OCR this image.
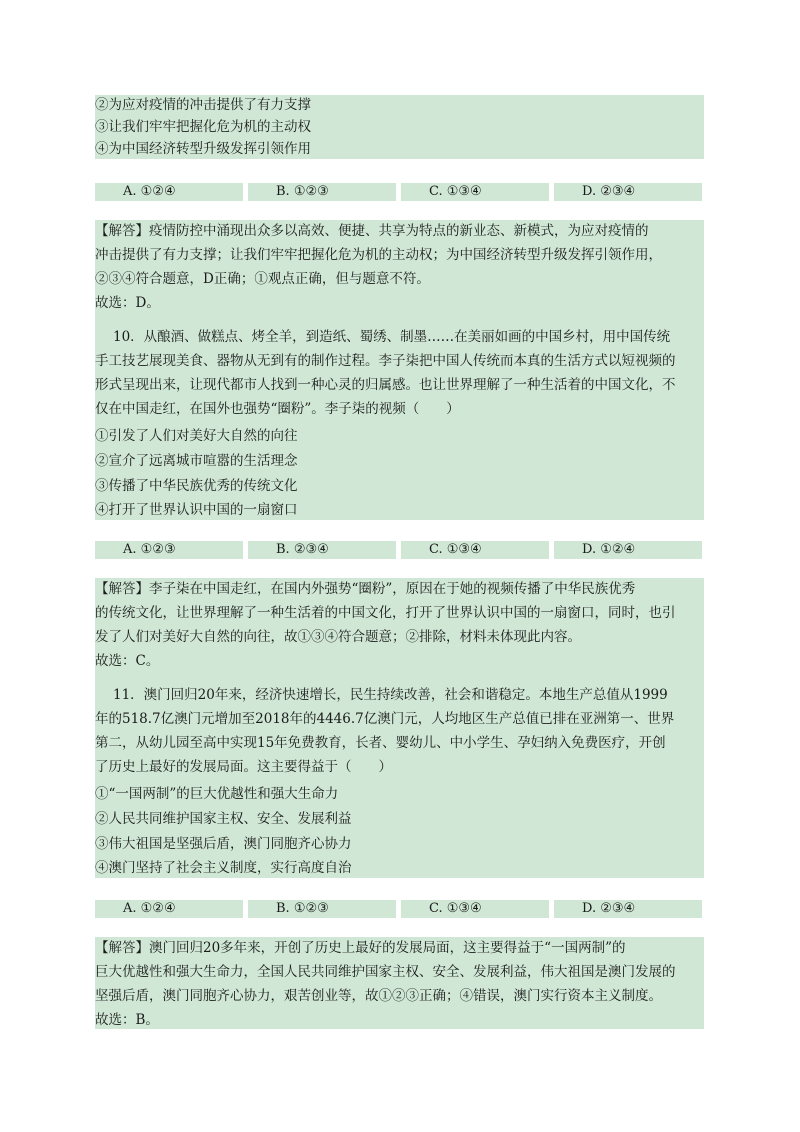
②为应对疫情的冲击提供了有力支撑
③让我们牢牢把握化危为机的主动权
④为中国经济转型升级发挥引领作用
A. ①②④	B. ①②③	C. ①③④	D. ②③④
【解答】疫情防控中涌现出众多以高效、便捷、共享为特点的新业态、新模式，为应对疫情的
冲击提供了有力支撑；让我们牢牢把握化危为机的主动权；为中国经济转型升级发挥引领作用，
②③④符合题意，D正确；①观点正确，但与题意不符。
故选：D。
10．从酿酒、做糕点、烤全羊，到造纸、蜀绣、制墨……在美丽如画的中国乡村，用中国传统
手工技艺展现美食、器物从无到有的制作过程。李子柒把中国人传统而本真的生活方式以短视频的
形式呈现出来，让现代都市人找到一种心灵的归属感。也让世界理解了一种生活着的中国文化，不
仅在中国走红，在国外也强势“圈粉”。李子柒的视频（　　）
①引发了人们对美好大自然的向往
②宣介了远离城市喧嚣的生活理念
③传播了中华民族优秀的传统文化
④打开了世界认识中国的一扇窗口
A. ①②③	B. ②③④	C. ①③④	D. ①②④
【解答】李子柒在中国走红，在国内外强势“圈粉”，原因在于她的视频传播了中华民族优秀
的传统文化，让世界理解了一种生活着的中国文化，打开了世界认识中国的一扇窗口，同时，也引
发了人们对美好大自然的向往，故①③④符合题意；②排除，材料未体现此内容。
故选：C。
11．澳门回归20年来，经济快速增长，民生持续改善，社会和谐稳定。本地生产总值从1999
年的518.7亿澳门元增加至2018年的4446.7亿澳门元，人均地区生产总值已排在亚洲第一、世界
第二，从幼儿园至高中实现15年免费教育，长者、婴幼儿、中小学生、孕妇纳入免费医疗，开创
了历史上最好的发展局面。这主要得益于（　　）
①“一国两制”的巨大优越性和强大生命力
②人民共同维护国家主权、安全、发展利益
③伟大祖国是坚强后盾，澳门同胞齐心协力
④澳门坚持了社会主义制度，实行高度自治
A. ①②④	B. ①②③	C. ①③④	D. ②③④
【解答】澳门回归20多年来，开创了历史上最好的发展局面，这主要得益于“一国两制”的
巨大优越性和强大生命力，全国人民共同维护国家主权、安全、发展利益，伟大祖国是澳门发展的
坚强后盾，澳门同胞齐心协力，艰苦创业等，故①②③正确；④错误，澳门实行资本主义制度。
故选：B。
